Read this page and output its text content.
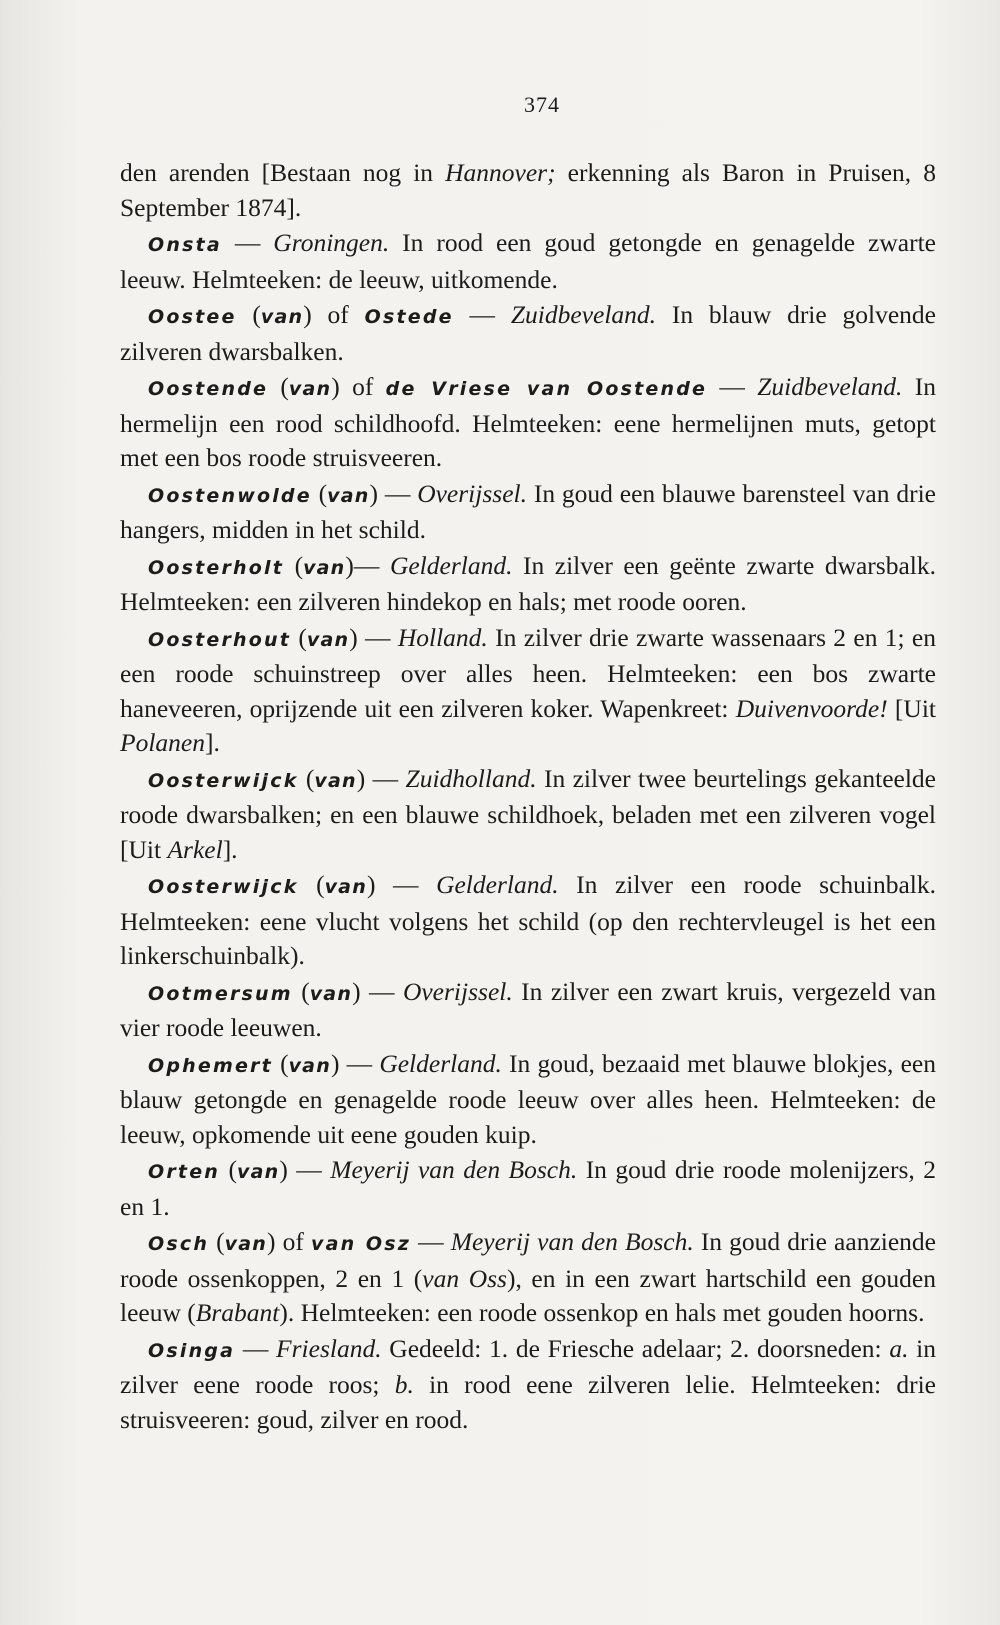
374

den arenden [Bestaan nog in Hannover; erkenning als Baron in Pruisen, 8 September 1874].

Onsta — Groningen. In rood een goud getongde en genagelde zwarte leeuw. Helmteeken: de leeuw, uitkomende.

Oostee (van) of Ostede — Zuidbeveland. In blauw drie golvende zilveren dwarsbalken.

Oostende (van) of de Vriese van Oostende — Zuidbeveland. In hermelijn een rood schildhoofd. Helmteeken: eene hermelijnen muts, getopt met een bos roode struisveeren.

Oostenwolde (van) — Overijssel. In goud een blauwe barensteel van drie hangers, midden in het schild.

Oosterholt (van)— Gelderland. In zilver een geënte zwarte dwarsbalk. Helmteeken: een zilveren hindekop en hals; met roode ooren.

Oosterhout (van) — Holland. In zilver drie zwarte wassenaars 2 en 1; en een roode schuinstreep over alles heen. Helmteeken: een bos zwarte haneveeren, oprijzende uit een zilveren koker. Wapenkreet: Duivenvoorde! [Uit Polanen].

Oosterwijck (van) — Zuidholland. In zilver twee beurtelings gekanteelde roode dwarsbalken; en een blauwe schildhoek, beladen met een zilveren vogel [Uit Arkel].

Oosterwijck (van) — Gelderland. In zilver een roode schuinbalk. Helmteeken: eene vlucht volgens het schild (op den rechtervleugel is het een linkerschuinbalk).

Ootmersum (van) — Overijssel. In zilver een zwart kruis, vergezeld van vier roode leeuwen.

Ophemert (van) — Gelderland. In goud, bezaaid met blauwe blokjes, een blauw getongde en genagelde roode leeuw over alles heen. Helmteeken: de leeuw, opkomende uit eene gouden kuip.

Orten (van) — Meyerij van den Bosch. In goud drie roode molenijzers, 2 en 1.

Osch (van) of van Osz — Meyerij van den Bosch. In goud drie aanziende roode ossenkoppen, 2 en 1 (van Oss), en in een zwart hartschild een gouden leeuw (Brabant). Helmteeken: een roode ossenkop en hals met gouden hoorns.

Osinga — Friesland. Gedeeld: 1. de Friesche adelaar; 2. doorsneden: a. in zilver eene roode roos; b. in rood eene zilveren lelie. Helmteeken: drie struisveeren: goud, zilver en rood.
